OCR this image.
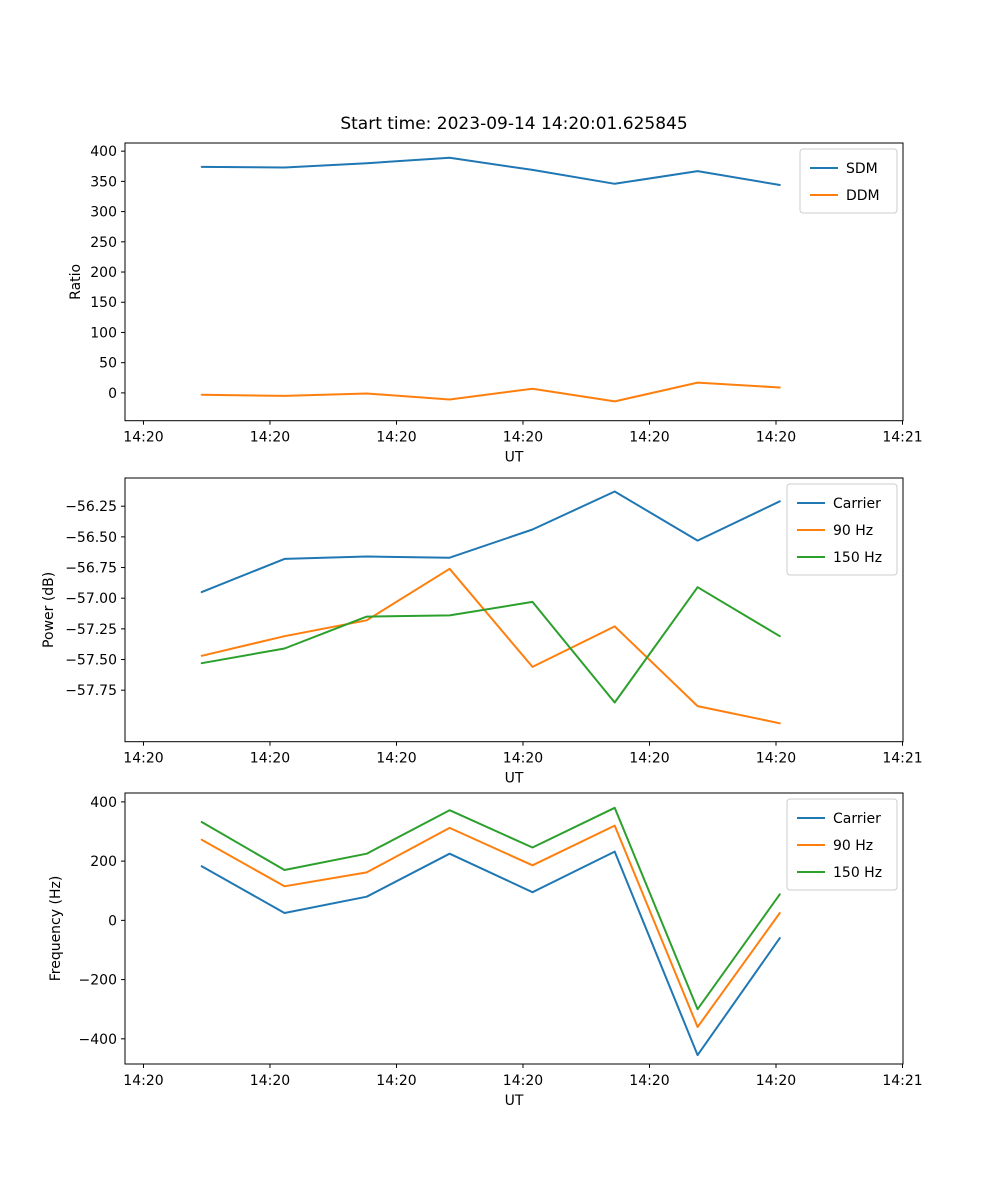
Start time: 2023-09-14 14:20:01.625845
0
50
100
150
200
250
300
350
400
14:20	14:20	14:20	14:20	14:20	14:20	14:21
Ratio
UT
SDM
DDM
−57.75
−57.50
−57.25
−57.00
−56.75
−56.50
−56.25
14:20	14:20	14:20	14:20	14:20	14:20	14:21
Power (dB)
UT
Carrier
90 Hz
150 Hz
−400
−200
0
200
400
14:20	14:20	14:20	14:20	14:20	14:20	14:21
Frequency (Hz)
UT
Carrier
90 Hz
150 Hz
